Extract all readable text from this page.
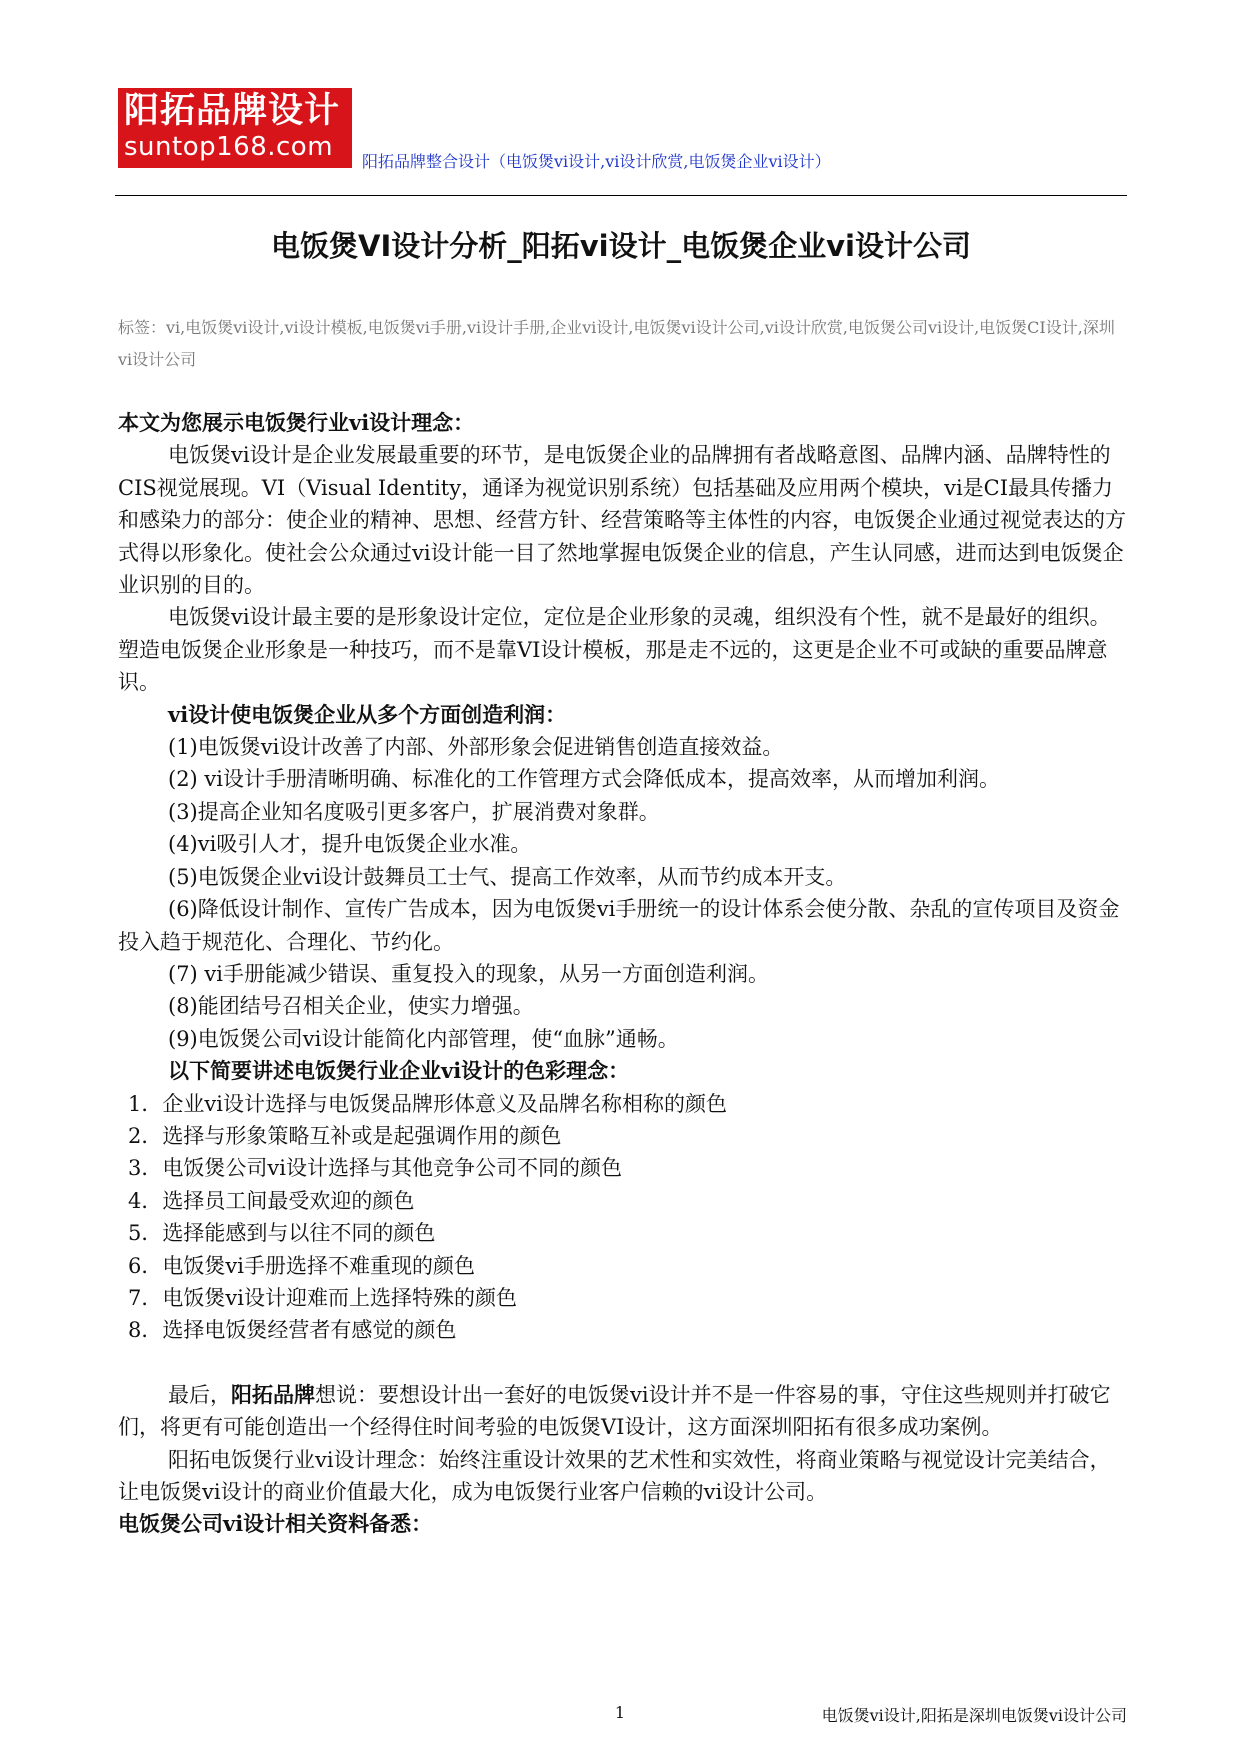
阳拓品牌设计
suntop168.com	阳拓品牌整合设计（电饭煲vi设计,vi设计欣赏,电饭煲企业vi设计）
电饭煲VI设计分析_阳拓vi设计_电饭煲企业vi设计公司
标签：vi,电饭煲vi设计,vi设计模板,电饭煲vi手册,vi设计手册,企业vi设计,电饭煲vi设计公司,vi设计欣赏,电饭煲公司vi设计,电饭煲CI设计,深圳vi设计公司

本文为您展示电饭煲行业vi设计理念：

电饭煲vi设计是企业发展最重要的环节，是电饭煲企业的品牌拥有者战略意图、品牌内涵、品牌特性的CIS视觉展现。VI（Visual Identity，通译为视觉识别系统）包括基础及应用两个模块，vi是CI最具传播力和感染力的部分：使企业的精神、思想、经营方针、经营策略等主体性的内容，电饭煲企业通过视觉表达的方式得以形象化。使社会公众通过vi设计能一目了然地掌握电饭煲企业的信息，产生认同感，进而达到电饭煲企业识别的目的。

电饭煲vi设计最主要的是形象设计定位，定位是企业形象的灵魂，组织没有个性，就不是最好的组织。塑造电饭煲企业形象是一种技巧，而不是靠VI设计模板，那是走不远的，这更是企业不可或缺的重要品牌意识。

vi设计使电饭煲企业从多个方面创造利润：

(1)电饭煲vi设计改善了内部、外部形象会促进销售创造直接效益。

(2) vi设计手册清晰明确、标准化的工作管理方式会降低成本，提高效率，从而增加利润。

(3)提高企业知名度吸引更多客户，扩展消费对象群。

(4)vi吸引人才，提升电饭煲企业水准。

(5)电饭煲企业vi设计鼓舞员工士气、提高工作效率，从而节约成本开支。

(6)降低设计制作、宣传广告成本，因为电饭煲vi手册统一的设计体系会使分散、杂乱的宣传项目及资金投入趋于规范化、合理化、节约化。

(7) vi手册能减少错误、重复投入的现象，从另一方面创造利润。

(8)能团结号召相关企业，使实力增强。

(9)电饭煲公司vi设计能简化内部管理，使“血脉”通畅。

以下简要讲述电饭煲行业企业vi设计的色彩理念：

1．企业vi设计选择与电饭煲品牌形体意义及品牌名称相称的颜色

2．选择与形象策略互补或是起强调作用的颜色

3．电饭煲公司vi设计选择与其他竞争公司不同的颜色

4．选择员工间最受欢迎的颜色

5．选择能感到与以往不同的颜色

6．电饭煲vi手册选择不难重现的颜色

7．电饭煲vi设计迎难而上选择特殊的颜色

8．选择电饭煲经营者有感觉的颜色

最后，阳拓品牌想说：要想设计出一套好的电饭煲vi设计并不是一件容易的事，守住这些规则并打破它们，将更有可能创造出一个经得住时间考验的电饭煲VI设计，这方面深圳阳拓有很多成功案例。

阳拓电饭煲行业vi设计理念：始终注重设计效果的艺术性和实效性，将商业策略与视觉设计完美结合，让电饭煲vi设计的商业价值最大化，成为电饭煲行业客户信赖的vi设计公司。

电饭煲公司vi设计相关资料备悉：

1	电饭煲vi设计,阳拓是深圳电饭煲vi设计公司
